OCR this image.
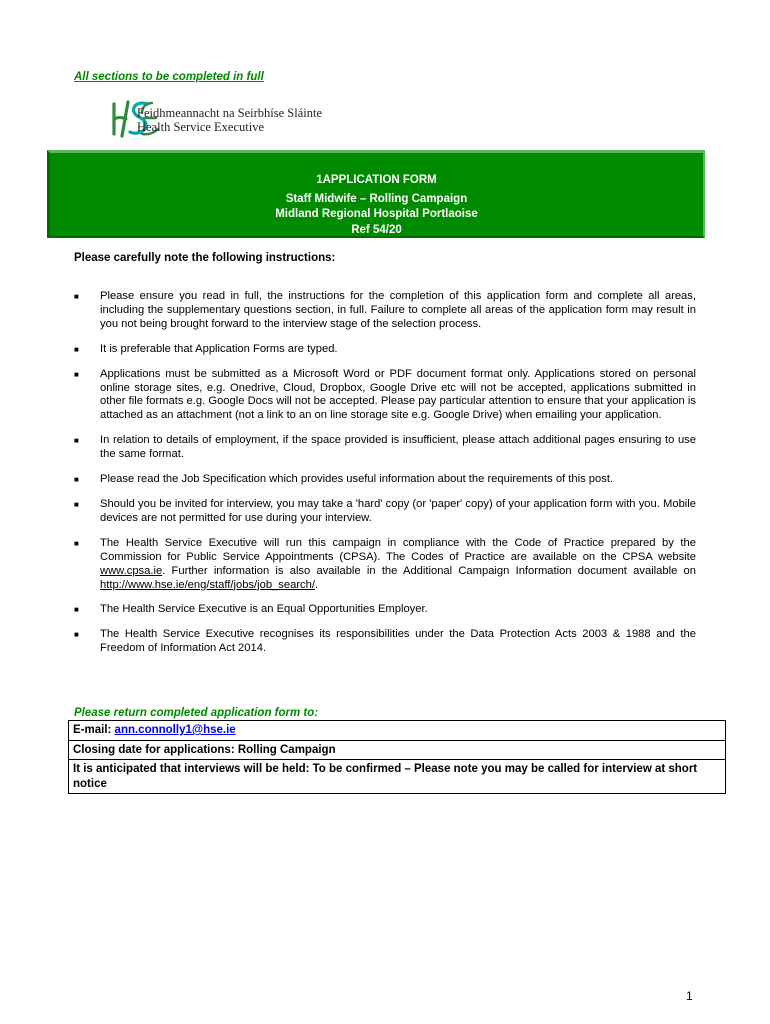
All sections to be completed in full
Feidhmeannacht na Seirbhíse Sláinte
Health Service Executive
1APPLICATION FORM
Staff Midwife – Rolling Campaign
Midland Regional Hospital Portlaoise
Ref 54/20
Please carefully note the following instructions:
■ Please ensure you read in full, the instructions for the completion of this application form and complete all areas, including the supplementary questions section, in full. Failure to complete all areas of the application form may result in you not being brought forward to the interview stage of the selection process.
■ It is preferable that Application Forms are typed.
■ Applications must be submitted as a Microsoft Word or PDF document format only. Applications stored on personal online storage sites, e.g. Onedrive, Cloud, Dropbox, Google Drive etc will not be accepted, applications submitted in other file formats e.g. Google Docs will not be accepted. Please pay particular attention to ensure that your application is attached as an attachment (not a link to an on line storage site e.g. Google Drive) when emailing your application.
■ In relation to details of employment, if the space provided is insufficient, please attach additional pages ensuring to use the same format.
■ Please read the Job Specification which provides useful information about the requirements of this post.
■ Should you be invited for interview, you may take a 'hard' copy (or 'paper' copy) of your application form with you. Mobile devices are not permitted for use during your interview.
■ The Health Service Executive will run this campaign in compliance with the Code of Practice prepared by the Commission for Public Service Appointments (CPSA). The Codes of Practice are available on the CPSA website www.cpsa.ie. Further information is also available in the Additional Campaign Information document available on http://www.hse.ie/eng/staff/jobs/job_search/.
■ The Health Service Executive is an Equal Opportunities Employer.
■ The Health Service Executive recognises its responsibilities under the Data Protection Acts 2003 & 1988 and the Freedom of Information Act 2014.
Please return completed application form to:
E-mail: ann.connolly1@hse.ie
Closing date for applications: Rolling Campaign
It is anticipated that interviews will be held: To be confirmed – Please note you may be called for interview at short notice
1
